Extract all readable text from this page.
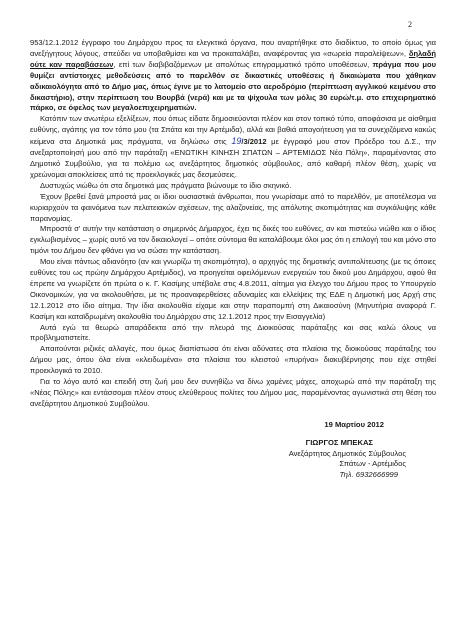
2

953/12.1.2012 έγγραφο του Δημάρχου προς τα ελεγκτικά όργανα, που αναρτήθηκε στο διαδίκτυο, το οποίο όμως για ανεξήγητους λόγους, σπεύδει να υποβαθμίσει και να προκαταλάβει, αναφέροντας για «σωρεία παραλείψεων», δηλαδή ούτε καν παραβάσεων, επί των διαβιβαζόμενων με απολύτως επιγραμματικό τρόπο υποθέσεων, πράγμα που μου θυμίζει αντίστοιχες μεθοδεύσεις από το παρελθόν σε δικαστικές υποθέσεις ή δικαιώματα που χάθηκαν αδικαιολόγητα από το Δήμο μας, όπως έγινε με το λατομείο στο αεροδρόμιο (περίπτωση αγγλικού κειμένου στο δικαστήριο), στην περίπτωση του Βουρβά (νερά) και με τα ψίχουλα των μόλις 30 ευρώ/τ.μ. στο επιχειρηματικό πάρκο, σε όφελος των μεγαλοεπιχειρηματιών.

Κατόπιν των ανωτέρω εξελίξεων, που όπως είδατε δημοσιεύονται πλέον και στον τοπικό τύπο, αποφάσισα με αίσθημα ευθύνης, αγάπης για τον τόπο μου (τα Σπάτα και την Αρτέμιδα), αλλά και βαθιά απογοήτευση για τα συνεχιζόμενα κακώς κείμενα στα Δημοτικά μας πράγματα, να δηλώσω στις 19/3/2012 με έγγραφό μου στον Πρόεδρο του Δ.Σ., την ανεξαρτοποίησή μου από την παράταξη «ΕΝΩΤΙΚΗ ΚΙΝΗΣΗ ΣΠΑΤΩΝ – ΑΡΤΕΜΙΔΟΣ Νέα Πόλη», παραμένοντας στο Δημοτικό Συμβούλιο, για τα πολέμιο ως ανεξάρτητος δημοτικός σύμβουλος, από καθαρή πλέον θέση, χωρίς να χρεώνομαι αποκλείσεις από τις προεκλογικές μας δεσμεύσεις.

Δυστυχώς νιώθω ότι στα δημοτικά μας πράγματα βιώνουμε το ίδιο σκηνικό.

Έχουν βρεθεί ξανά μπροστά μας οι ίδιοι ουσιαστικά άνθρωποι, που γνωρίσαμε από το παρελθόν, με αποτέλεσμα να κυριαρχούν τα φαινόμενα των πελατειακών σχέσεων, της αλαζονείας, της απόλυτης σκοπιμότητας και συγκάλυψης κάθε παρανομίας.

Μπροστά σ' αυτήν την κατάσταση ο σημερινός Δήμαρχος, έχει τις δικές του ευθύνες, αν και πιστεύω νιώθει και ο ίδιος εγκλωβισμένος – χωρίς αυτό να τον δικαιολογεί – οπότε σύντομα θα καταλάβουμε όλοι μας ότι η επιλογή του και μόνο στο τιμόνι του Δήμου δεν φθάνει για να σώσει την κατάσταση.

Μου είναι πάντως αδιανόητο (αν και γνωρίζω τη σκοπιμότητα), ο αρχηγός της δημοτικής αντιπολίτευσης (με τις όποιες ευθύνες του ως πρώην Δημάρχου Αρτέμιδος), να προηγείται οφειλόμενων ενεργειών του δικού μου Δημάρχου, αφού θα έπρεπε να γνωρίζετε ότι πρώτα ο κ. Γ. Κασίμης υπέβαλε στις 4.8.2011, αίτημα για έλεγχο του Δήμου προς το Υπουργείο Οικονομικών, για να ακολουθήσει, με τις προαναφερθείσες αδυναμίες και ελλείψεις της ΕΔΕ η Δημοτική μας Αρχή στις 12.1.2012 στο ίδιο αίτημα. Την ίδια ακολουθία είχαμε και στην παραπομπή στη Δικαιοσύνη (Μηνυτήρια αναφορά Γ. Κασίμη και καταϊδρωμένη ακολουθία του Δημάρχου στις 12.1.2012 προς την Εισαγγελία)

Αυτά εγώ τα θεωρώ απαράδεκτα από την πλευρά της Διοικούσας παράταξης και σας καλώ όλους να προβληματιστείτε.

Απαιτούνται ριζικές αλλαγές, που όμως διαπίστωσα ότι είναι αδύνατες στα πλαίσια της διοικούσας παράταξης του Δήμου μας, όπου όλα είναι «κλειδωμένα» στα πλαίσια του κλειστού «πυρήνα» διακυβέρνησης που είχε στηθεί προεκλογικά το 2010.

Για το λόγο αυτό και επειδή στη ζωή μου δεν συνηθίζω να δίνω χαμένες μάχες, αποχωρώ από την παράταξη της «Νέας Πόλης» και εντάσσομαι πλέον στους ελεύθερους πολίτες του Δήμου μας, παραμένοντας αγωνιστικά στη θέση του ανεξάρτητου Δημοτικού Συμβούλου.

19 Μαρτίου 2012
ΓΙΩΡΓΟΣ ΜΠΕΚΑΣ
Ανεξάρτητος Δημοτικός Σύμβουλος
Σπάτων - Αρτέμιδος
Τηλ. 6932666999
